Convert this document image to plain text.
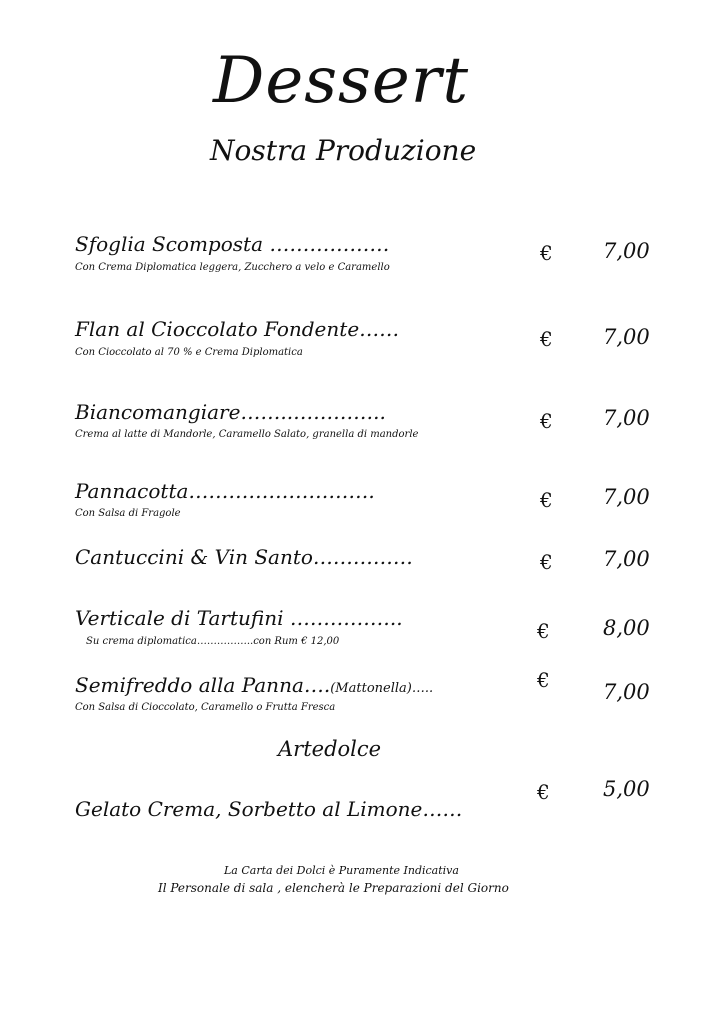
Dessert
Nostra Produzione
Sfoglia Scomposta ………………
Con Crema Diplomatica leggera, Zucchero a velo e Caramello
€ 7,00
Flan al Cioccolato Fondente……
Con Cioccolato al 70 % e Crema Diplomatica
€ 7,00
Biancomangiare……..…………..
Crema al latte di Mandorle, Caramello Salato, granella di mandorle
€ 7,00
Pannacotta……………………….
Con Salsa di Fragole
€ 7,00
Cantuccini & Vin Santo……………	€ 7,00
Verticale di Tartufini ……………..
Su crema diplomatica……………..con Rum € 12,00	€	8,00
Semifreddo alla Panna….(Mattonella)…..
Con Salsa di Cioccolato, Caramello o Frutta Fresca
€	7,00
Artedolce
Gelato Crema, Sorbetto al Limone……
€	5,00
La Carta dei Dolci è Puramente Indicativa
Il Personale di sala , elencherà le Preparazioni del Giorno
